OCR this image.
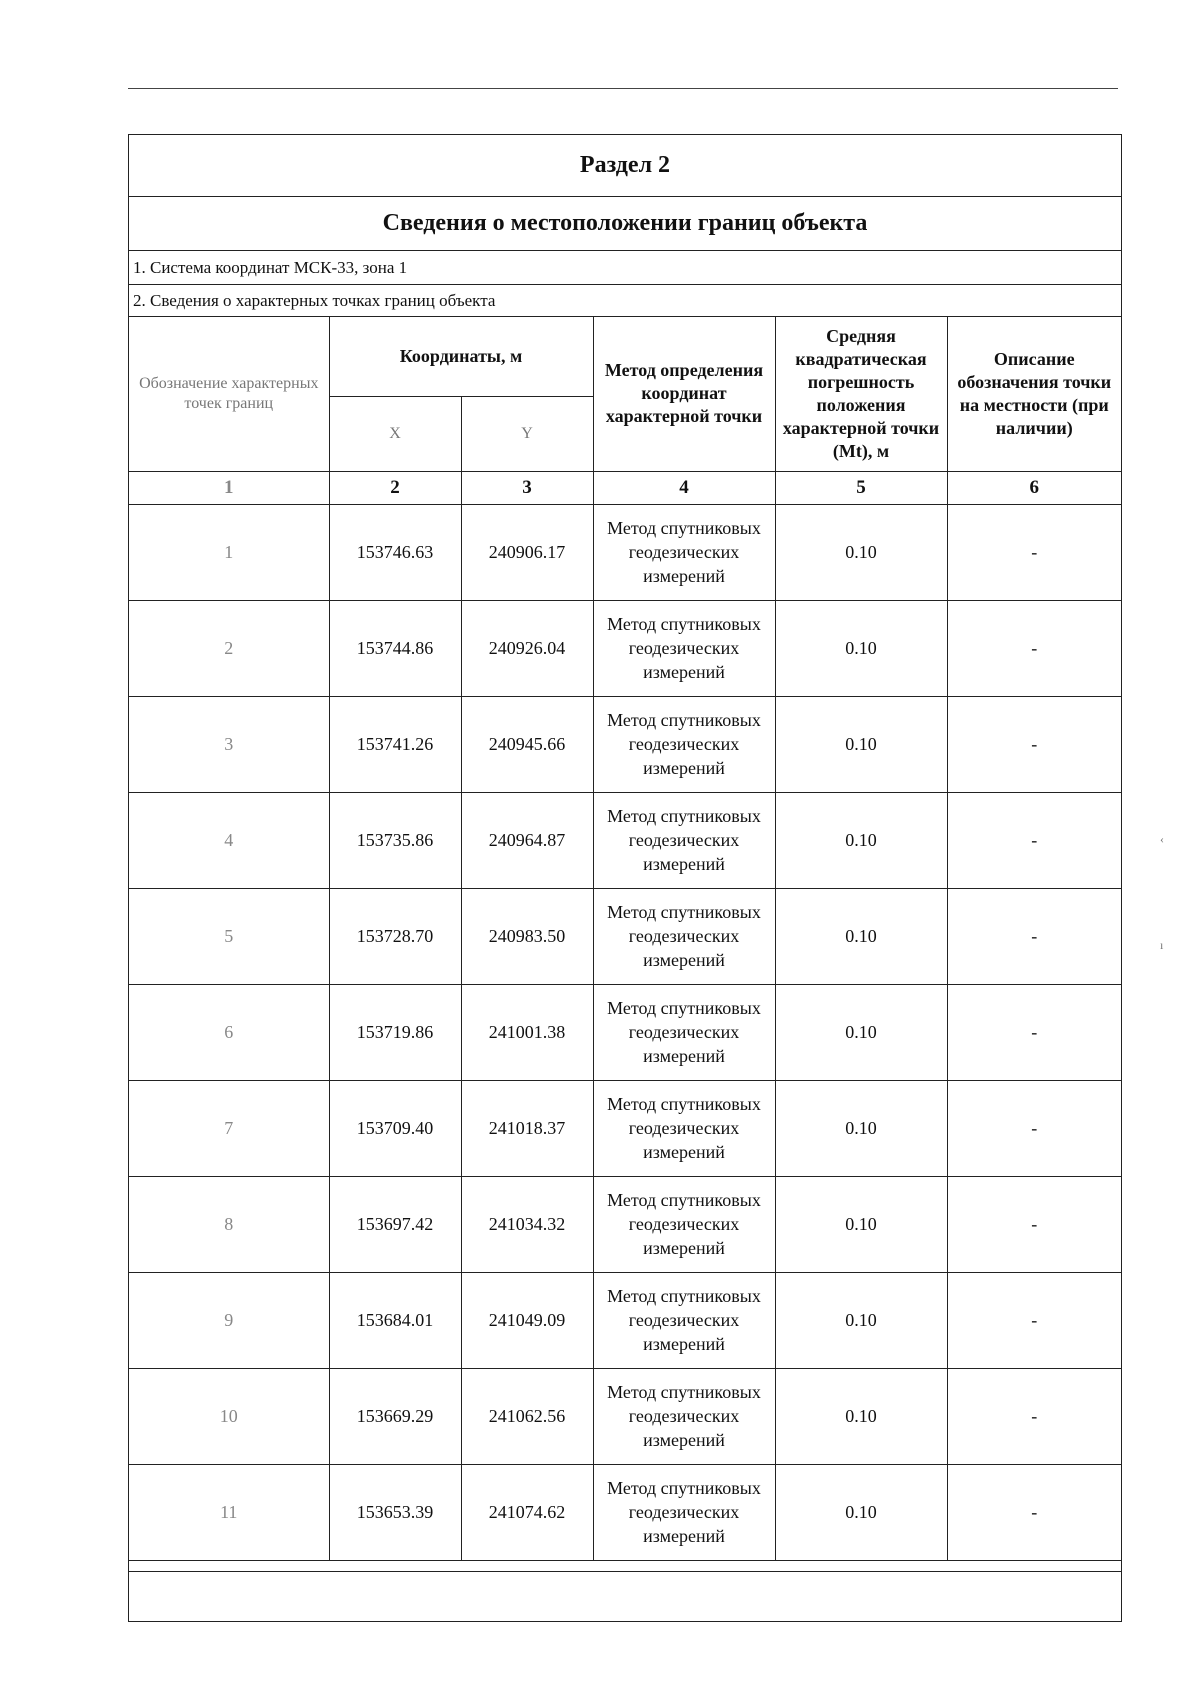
Раздел 2
Сведения о местоположении границ объекта
1. Система координат МСК-33, зона 1
2. Сведения о характерных точках границ объекта
Обозначение характерных точек границ	Координаты, м		Метод определения координат характерной точки	Средняя квадратическая погрешность положения характерной точки (Mt), м	Описание обозначения точки на местности (при наличии)
	X	Y			
1	2	3	4	5	6
1	153746.63	240906.17	Метод спутниковых геодезических измерений	0.10	-
2	153744.86	240926.04	Метод спутниковых геодезических измерений	0.10	-
3	153741.26	240945.66	Метод спутниковых геодезических измерений	0.10	-
4	153735.86	240964.87	Метод спутниковых геодезических измерений	0.10	-
5	153728.70	240983.50	Метод спутниковых геодезических измерений	0.10	-
6	153719.86	241001.38	Метод спутниковых геодезических измерений	0.10	-
7	153709.40	241018.37	Метод спутниковых геодезических измерений	0.10	-
8	153697.42	241034.32	Метод спутниковых геодезических измерений	0.10	-
9	153684.01	241049.09	Метод спутниковых геодезических измерений	0.10	-
10	153669.29	241062.56	Метод спутниковых геодезических измерений	0.10	-
11	153653.39	241074.62	Метод спутниковых геодезических измерений	0.10	-
‹
ı
